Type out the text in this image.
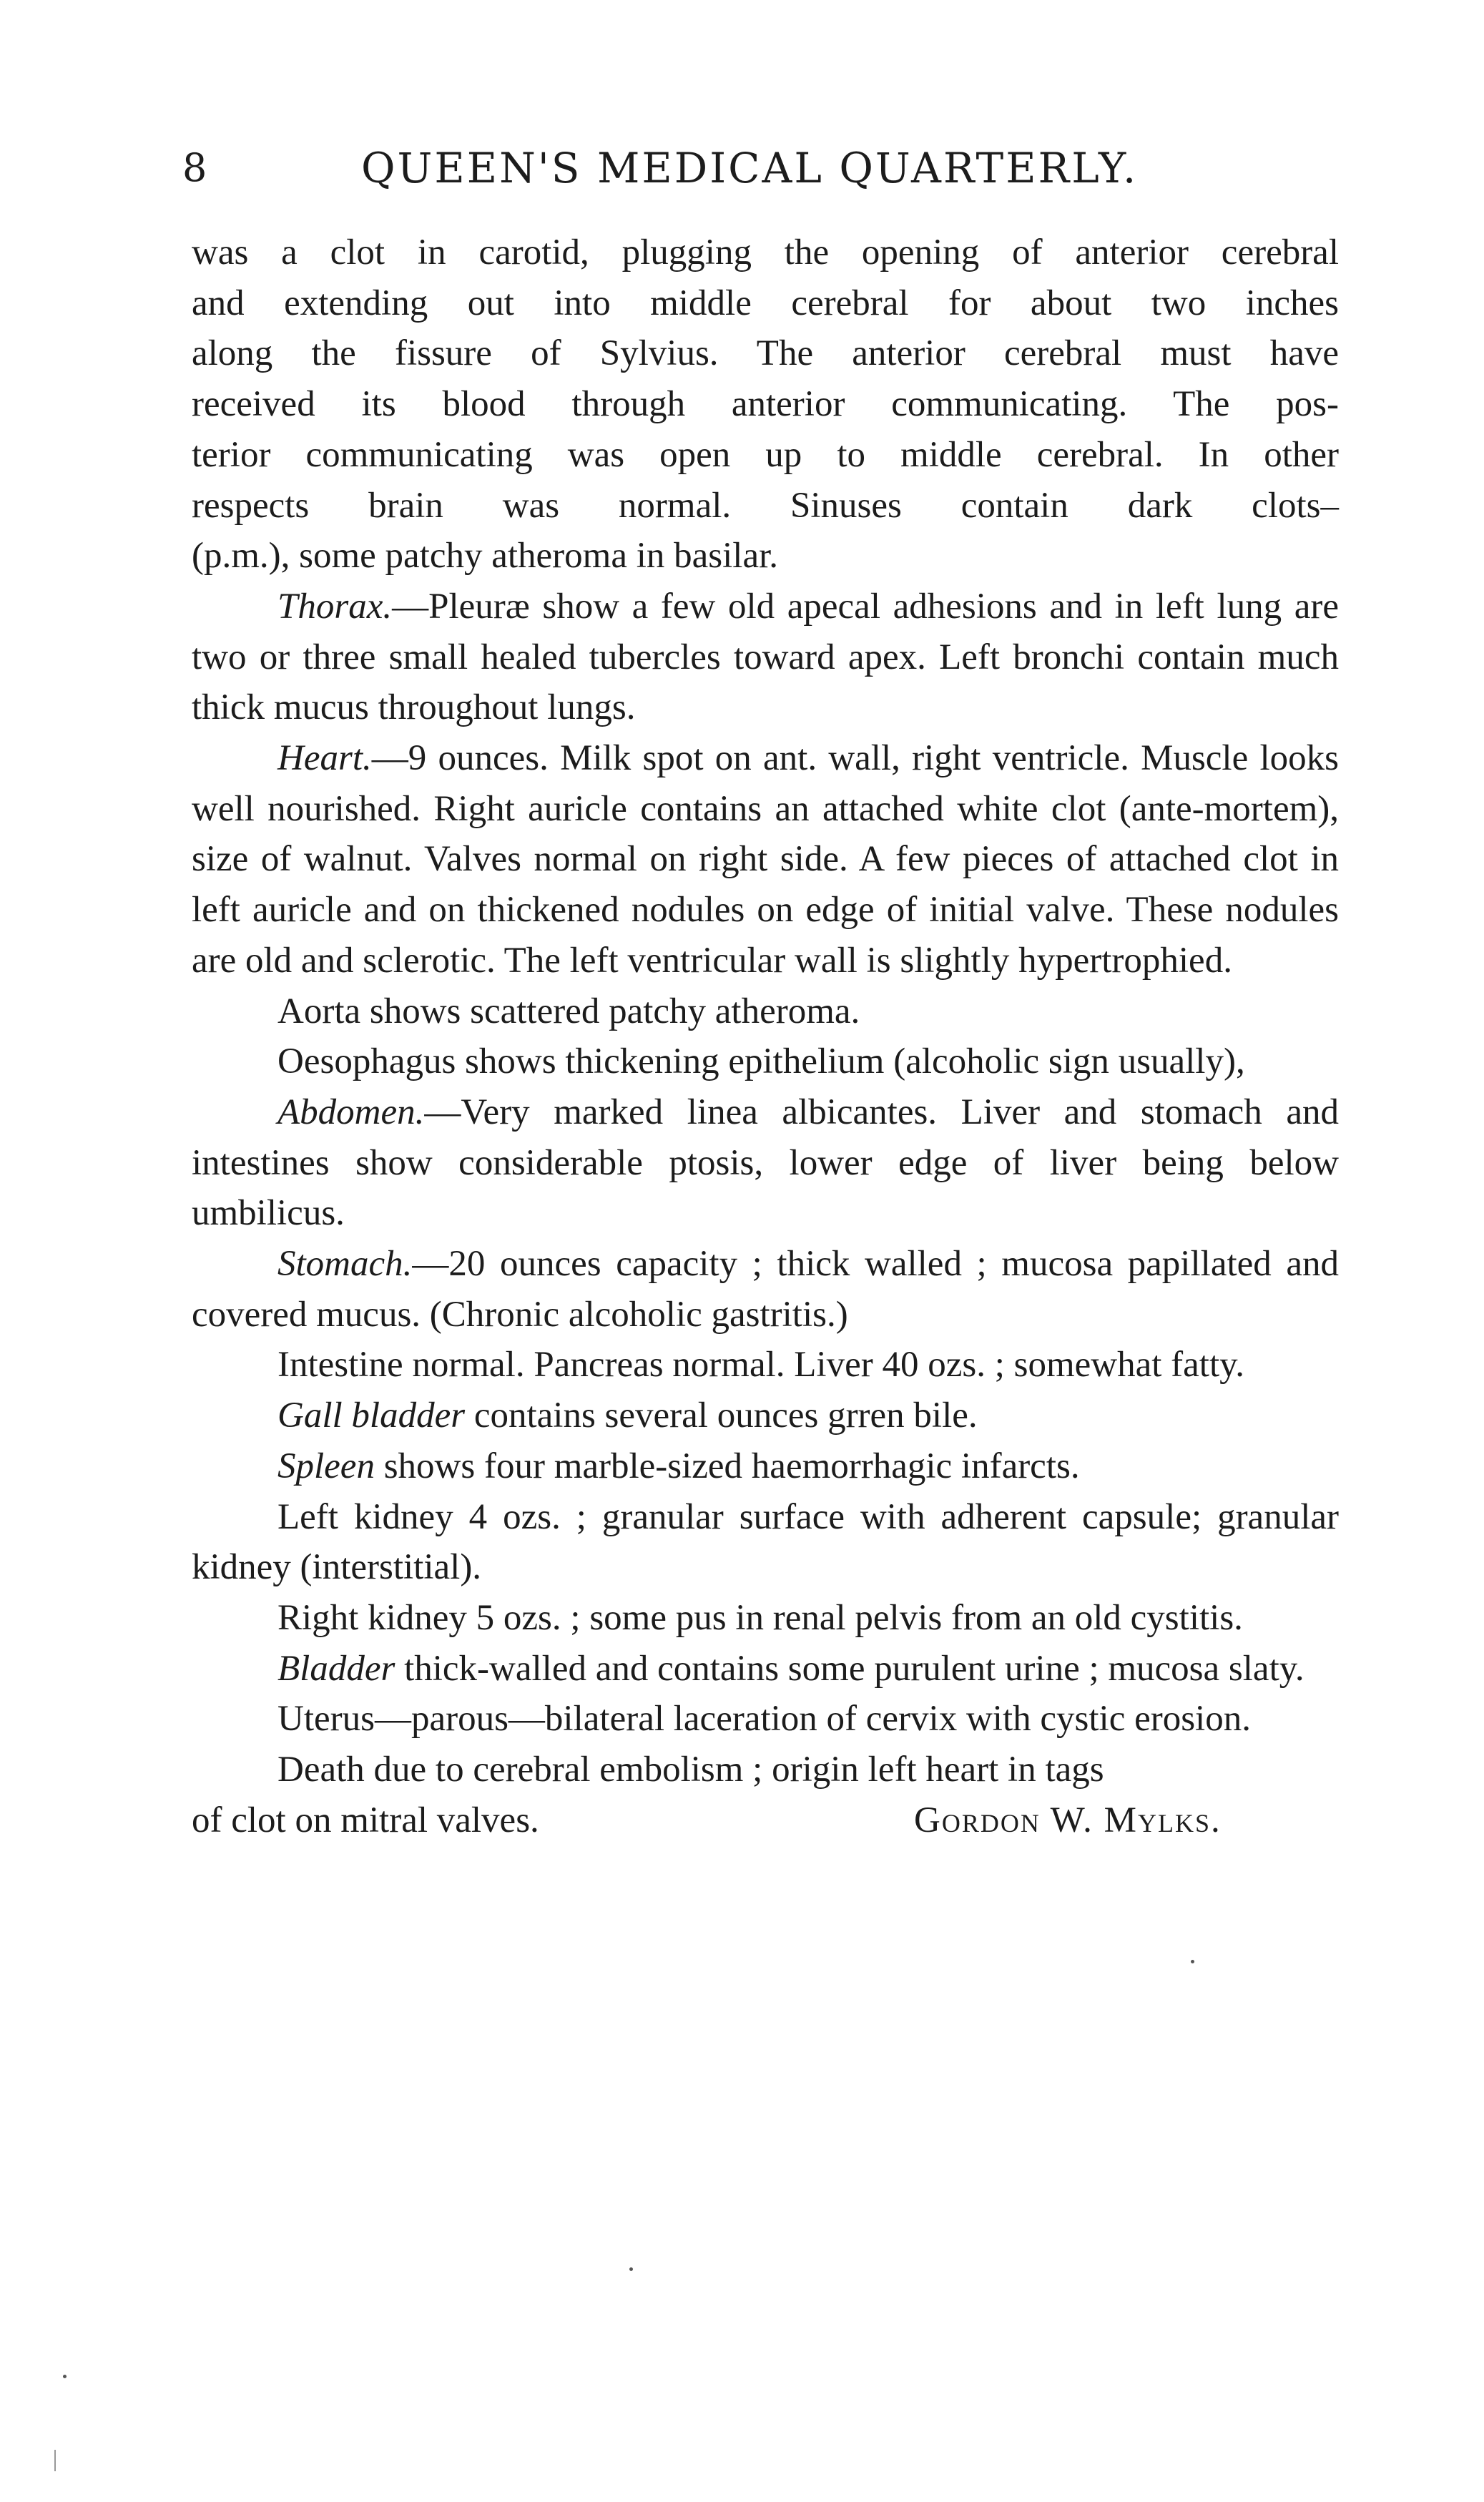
8	QUEEN'S MEDICAL QUARTERLY.

was a clot in carotid, plugging the opening of anterior cerebral
and extending out into middle cerebral for about two inches
along the fissure of Sylvius. The anterior cerebral must have
received its blood through anterior communicating. The pos-
terior communicating was open up to middle cerebral. In other
respects brain was normal. Sinuses contain dark clots–

(p.m.), some patchy atheroma in basilar.

Thorax.—Pleuræ show a few old apecal adhesions and in left lung are two or three small healed tubercles toward apex. Left bronchi contain much thick mucus throughout lungs.

Heart.—9 ounces. Milk spot on ant. wall, right ventricle. Muscle looks well nourished. Right auricle contains an attached white clot (ante-mortem), size of walnut. Valves normal on right side. A few pieces of attached clot in left auricle and on thickened nodules on edge of initial valve. These nodules are old and sclerotic. The left ventricular wall is slightly hypertrophied.

Aorta shows scattered patchy atheroma.

Oesophagus shows thickening epithelium (alcoholic sign usually),

Abdomen.—Very marked linea albicantes. Liver and stomach and intestines show considerable ptosis, lower edge of liver being below umbilicus.

Stomach.—20 ounces capacity ; thick walled ; mucosa papillated and covered mucus. (Chronic alcoholic gastritis.)

Intestine normal. Pancreas normal. Liver 40 ozs. ; somewhat fatty.

Gall bladder contains several ounces grren bile.

Spleen shows four marble-sized haemorrhagic infarcts.

Left kidney 4 ozs. ; granular surface with adherent capsule; granular kidney (interstitial).

Right kidney 5 ozs. ; some pus in renal pelvis from an old cystitis.

Bladder thick-walled and contains some purulent urine ; mucosa slaty.

Uterus—parous—bilateral laceration of cervix with cystic erosion.

Death due to cerebral embolism ; origin left heart in tags

of clot on mitral valves.	Gordon W. Mylks.
